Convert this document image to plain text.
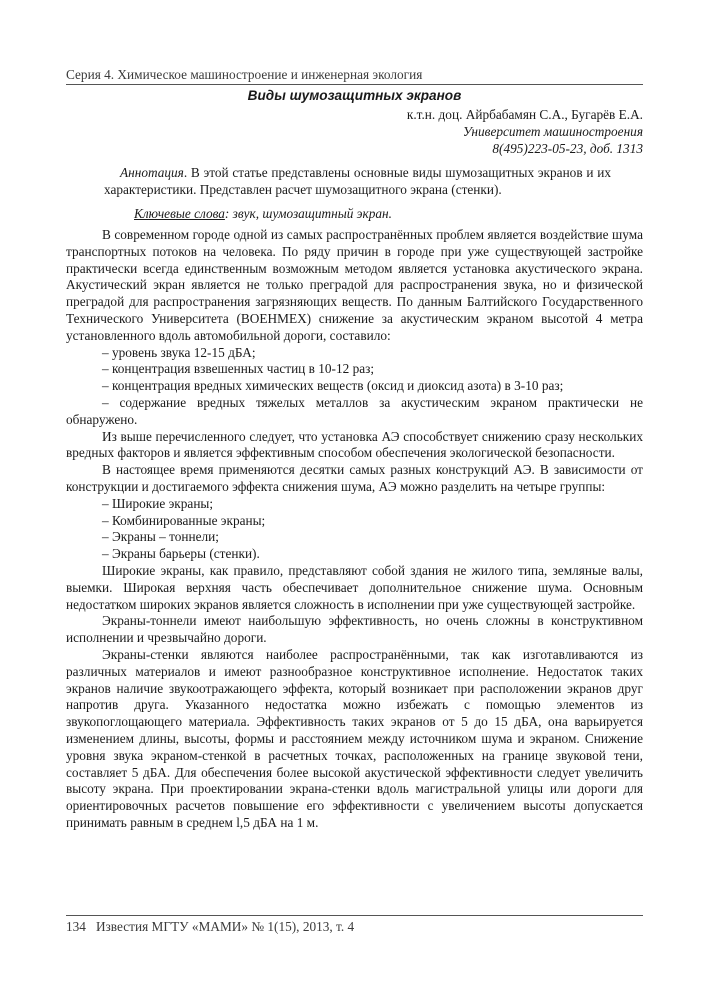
Серия 4. Химическое машиностроение и инженерная экология
Виды шумозащитных экранов
к.т.н. доц. Айрбабамян С.А., Бугарёв Е.А.
Университет машиностроения
8(495)223-05-23, доб. 1313
Аннотация. В этой статье представлены основные виды шумозащитных экранов и их характеристики. Представлен расчет шумозащитного экрана (стенки).
Ключевые слова: звук, шумозащитный экран.

В современном городе одной из самых распространённых проблем является воздействие шума транспортных потоков на человека. По ряду причин в городе при уже существующей застройке практически всегда единственным возможным методом является установка акустического экрана. Акустический экран является не только преградой для распространения звука, но и физической преградой для распространения загрязняющих веществ. По данным Балтийского Государственного Технического Университета (ВОЕНМЕХ) снижение за акустическим экраном высотой 4 метра установленного вдоль автомобильной дороги, составило:

– уровень звука 12-15 дБА;

– концентрация взвешенных частиц в 10-12 раз;

– концентрация вредных химических веществ (оксид и диоксид азота) в 3-10 раз;

– содержание вредных тяжелых металлов за акустическим экраном практически не обнаружено.

Из выше перечисленного следует, что установка АЭ способствует снижению сразу нескольких вредных факторов и является эффективным способом обеспечения экологической безопасности.

В настоящее время применяются десятки самых разных конструкций АЭ. В зависимости от конструкции и достигаемого эффекта снижения шума, АЭ можно разделить на четыре группы:

– Широкие экраны;

– Комбинированные экраны;

– Экраны – тоннели;

– Экраны барьеры (стенки).

Широкие экраны, как правило, представляют собой здания не жилого типа, земляные валы, выемки. Широкая верхняя часть обеспечивает дополнительное снижение шума. Основным недостатком широких экранов является сложность в исполнении при уже существующей застройке.

Экраны-тоннели имеют наибольшую эффективность, но очень сложны в конструктивном исполнении и чрезвычайно дороги.

Экраны-стенки являются наиболее распространёнными, так как изготавливаются из различных материалов и имеют разнообразное конструктивное исполнение. Недостаток таких экранов наличие звукоотражающего эффекта, который возникает при расположении экранов друг напротив друга. Указанного недостатка можно избежать с помощью элементов из звукопоглощающего материала. Эффективность таких экранов от 5 до 15 дБА, она варьируется изменением длины, высоты, формы и расстоянием между источником шума и экраном. Снижение уровня звука экраном-стенкой в расчетных точках, расположенных на границе звуковой тени, составляет 5 дБА. Для обеспечения более высокой акустической эффективности следует увеличить высоту экрана. При проектировании экрана-стенки вдоль магистральной улицы или дороги для ориентировочных расчетов повышение его эффективности с увеличением высоты допускается принимать равным в среднем l,5 дБА на 1 м.

134 Известия МГТУ «МАМИ» № 1(15), 2013, т. 4
